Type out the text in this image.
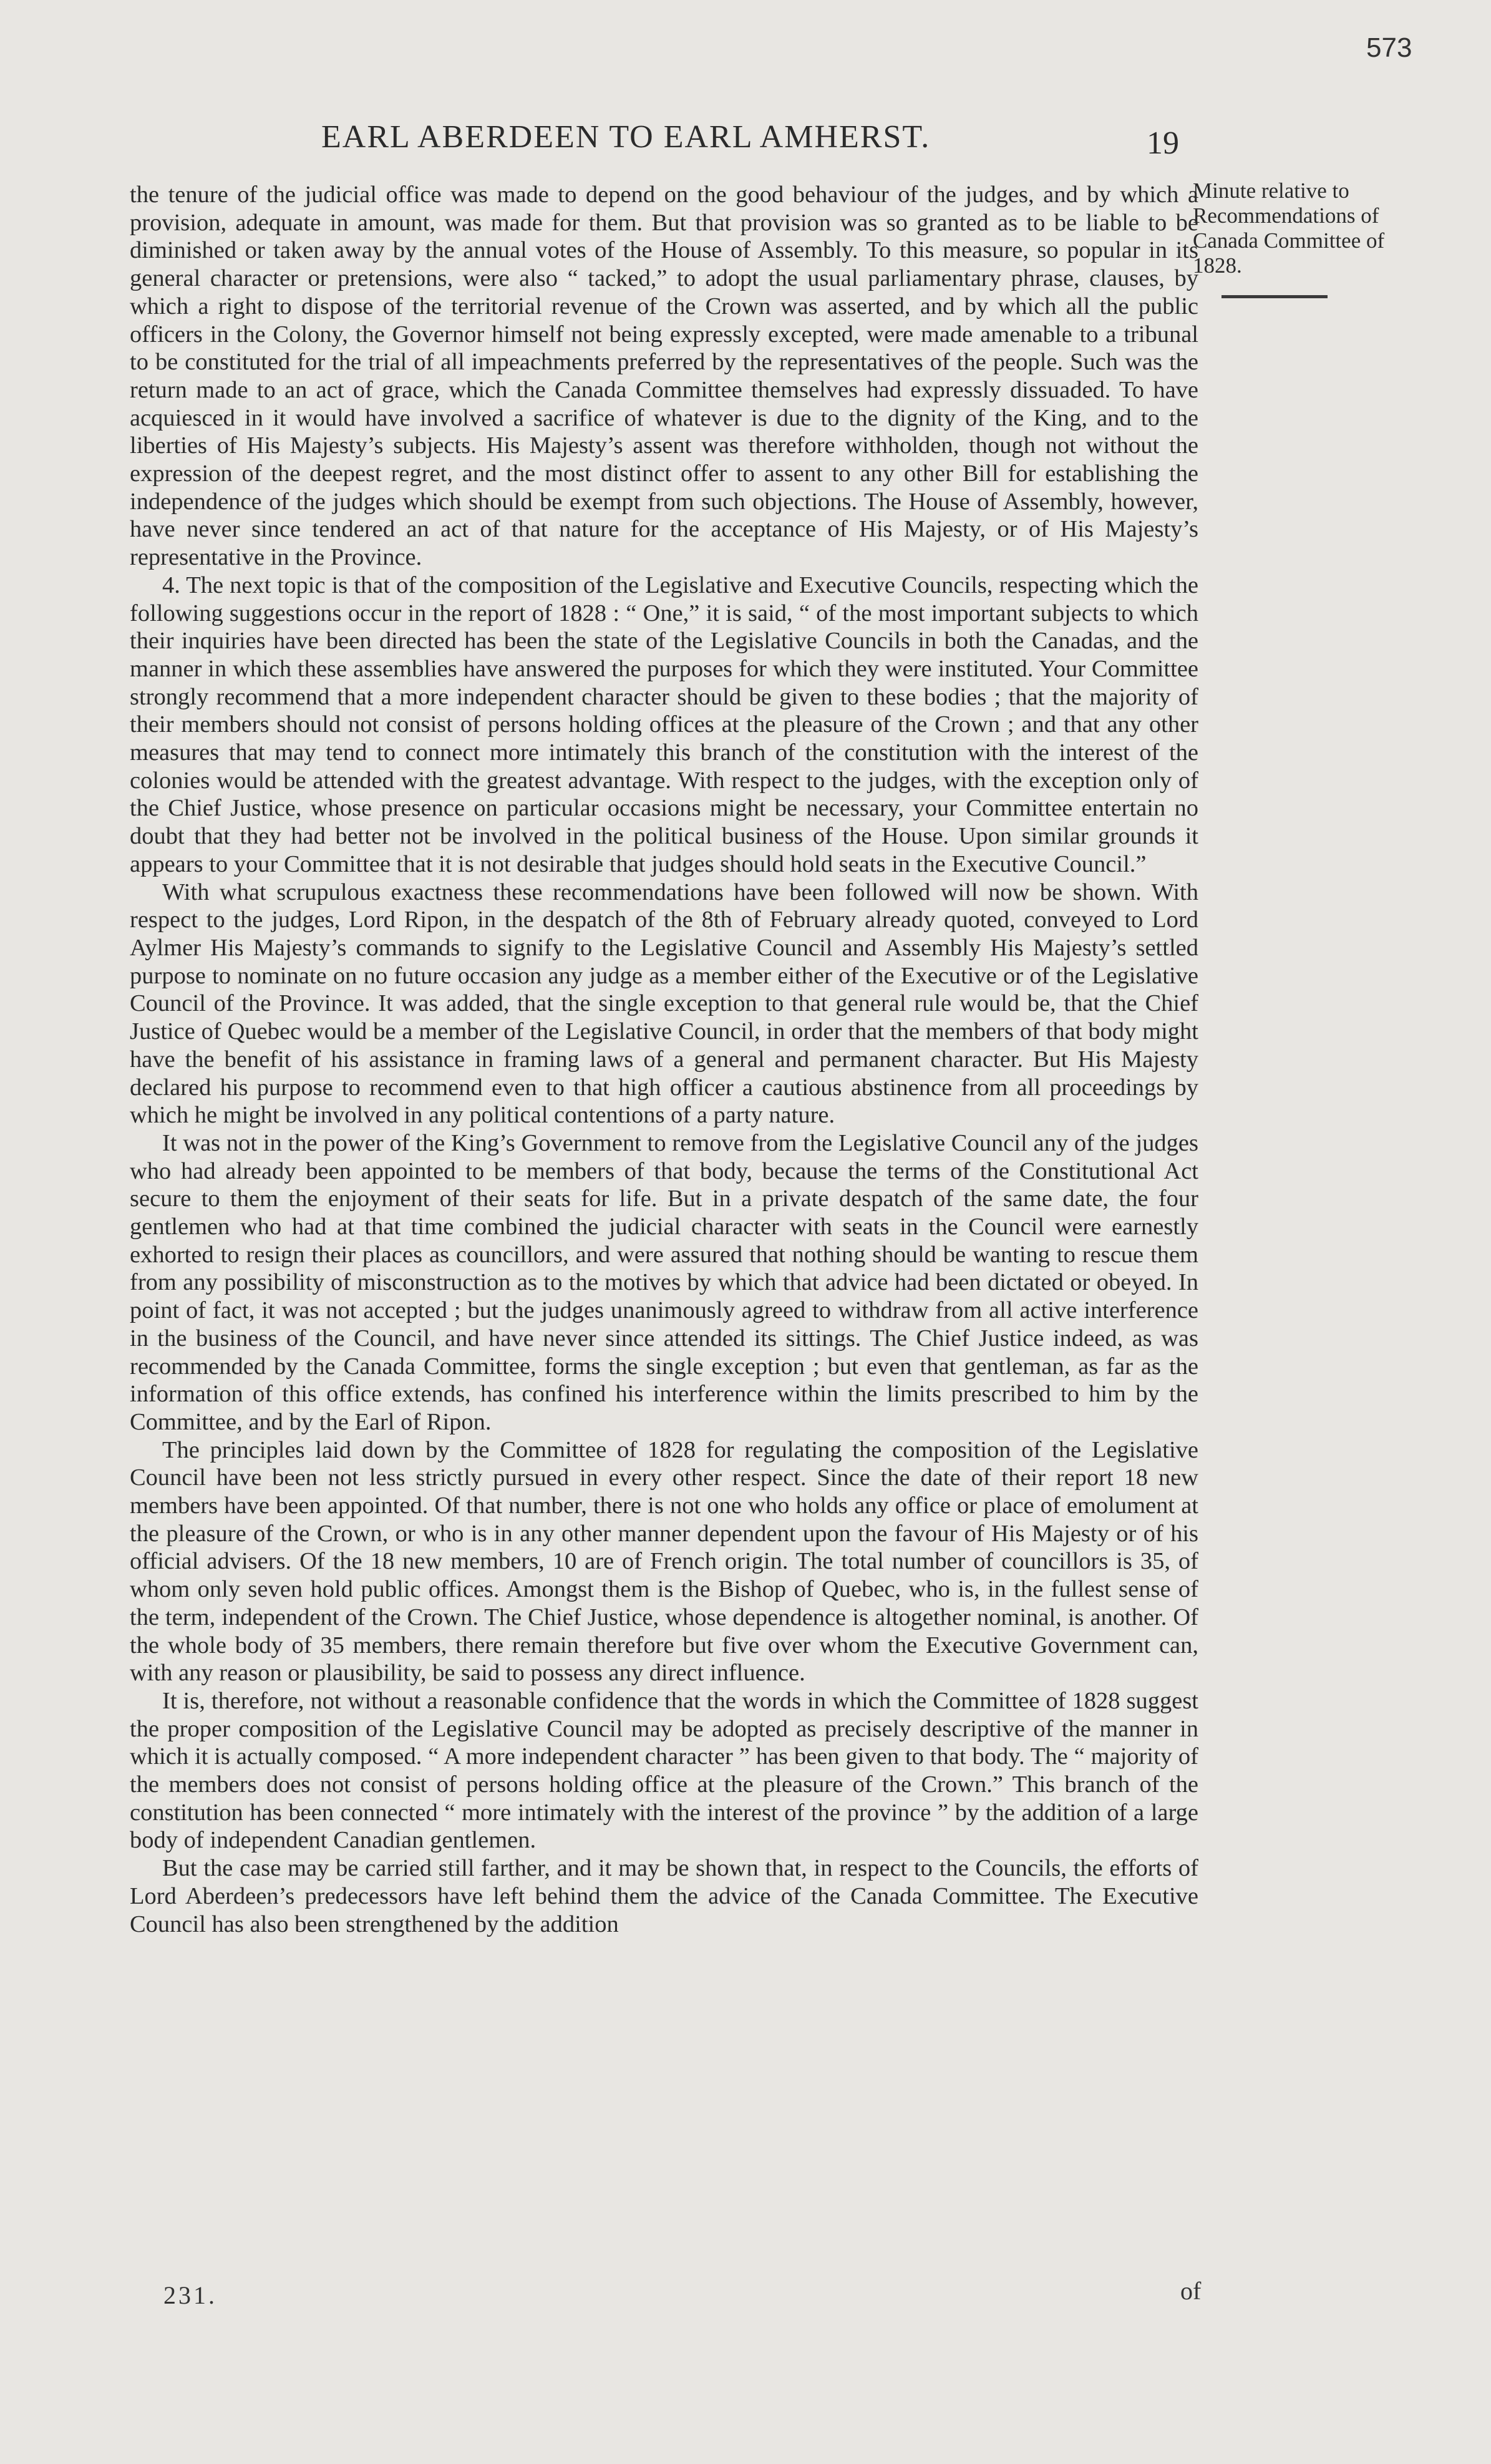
573
EARL ABERDEEN TO EARL AMHERST.	19
Minute relative to Recommendations of Canada Committee of 1828.

the tenure of the judicial office was made to depend on the good behaviour of the judges, and by which a provision, adequate in amount, was made for them. But that provision was so granted as to be liable to be diminished or taken away by the annual votes of the House of Assembly. To this measure, so popular in its general character or pretensions, were also “ tacked,” to adopt the usual parliamentary phrase, clauses, by which a right to dispose of the territorial revenue of the Crown was asserted, and by which all the public officers in the Colony, the Governor himself not being expressly excepted, were made amenable to a tribunal to be constituted for the trial of all impeachments preferred by the representatives of the people. Such was the return made to an act of grace, which the Canada Committee themselves had expressly dissuaded. To have acquiesced in it would have involved a sacrifice of whatever is due to the dignity of the King, and to the liberties of His Majesty’s subjects. His Majesty’s assent was therefore withholden, though not without the expression of the deepest regret, and the most distinct offer to assent to any other Bill for establishing the independence of the judges which should be exempt from such objections. The House of Assembly, however, have never since tendered an act of that nature for the acceptance of His Majesty, or of His Majesty’s representative in the Province.

4. The next topic is that of the composition of the Legislative and Executive Councils, respecting which the following suggestions occur in the report of 1828 : “ One,” it is said, “ of the most important subjects to which their inquiries have been directed has been the state of the Legislative Councils in both the Canadas, and the manner in which these assemblies have answered the purposes for which they were instituted. Your Committee strongly recommend that a more independent character should be given to these bodies ; that the majority of their members should not consist of persons holding offices at the pleasure of the Crown ; and that any other measures that may tend to connect more intimately this branch of the constitution with the interest of the colonies would be attended with the greatest advantage. With respect to the judges, with the exception only of the Chief Justice, whose presence on particular occasions might be necessary, your Committee entertain no doubt that they had better not be involved in the political business of the House. Upon similar grounds it appears to your Committee that it is not desirable that judges should hold seats in the Executive Council.”

With what scrupulous exactness these recommendations have been followed will now be shown. With respect to the judges, Lord Ripon, in the despatch of the 8th of February already quoted, conveyed to Lord Aylmer His Majesty’s commands to signify to the Legislative Council and Assembly His Majesty’s settled purpose to nominate on no future occasion any judge as a member either of the Executive or of the Legislative Council of the Province. It was added, that the single exception to that general rule would be, that the Chief Justice of Quebec would be a member of the Legislative Council, in order that the members of that body might have the benefit of his assistance in framing laws of a general and permanent character. But His Majesty declared his purpose to recommend even to that high officer a cautious abstinence from all proceedings by which he might be involved in any political contentions of a party nature.

It was not in the power of the King’s Government to remove from the Legislative Council any of the judges who had already been appointed to be members of that body, because the terms of the Constitutional Act secure to them the enjoyment of their seats for life. But in a private despatch of the same date, the four gentlemen who had at that time combined the judicial character with seats in the Council were earnestly exhorted to resign their places as councillors, and were assured that nothing should be wanting to rescue them from any possibility of misconstruction as to the motives by which that advice had been dictated or obeyed. In point of fact, it was not accepted ; but the judges unanimously agreed to withdraw from all active interference in the business of the Council, and have never since attended its sittings. The Chief Justice indeed, as was recommended by the Canada Committee, forms the single exception ; but even that gentleman, as far as the information of this office extends, has confined his interference within the limits prescribed to him by the Committee, and by the Earl of Ripon.

The principles laid down by the Committee of 1828 for regulating the composition of the Legislative Council have been not less strictly pursued in every other respect. Since the date of their report 18 new members have been appointed. Of that number, there is not one who holds any office or place of emolument at the pleasure of the Crown, or who is in any other manner dependent upon the favour of His Majesty or of his official advisers. Of the 18 new members, 10 are of French origin. The total number of councillors is 35, of whom only seven hold public offices. Amongst them is the Bishop of Quebec, who is, in the fullest sense of the term, independent of the Crown. The Chief Justice, whose dependence is altogether nominal, is another. Of the whole body of 35 members, there remain therefore but five over whom the Executive Government can, with any reason or plausibility, be said to possess any direct influence.

It is, therefore, not without a reasonable confidence that the words in which the Committee of 1828 suggest the proper composition of the Legislative Council may be adopted as precisely descriptive of the manner in which it is actually composed. “ A more independent character ” has been given to that body. The “ majority of the members does not consist of persons holding office at the pleasure of the Crown.” This branch of the constitution has been connected “ more intimately with the interest of the province ” by the addition of a large body of independent Canadian gentlemen.

But the case may be carried still farther, and it may be shown that, in respect to the Councils, the efforts of Lord Aberdeen’s predecessors have left behind them the advice of the Canada Committee. The Executive Council has also been strengthened by the addition

231.	of
